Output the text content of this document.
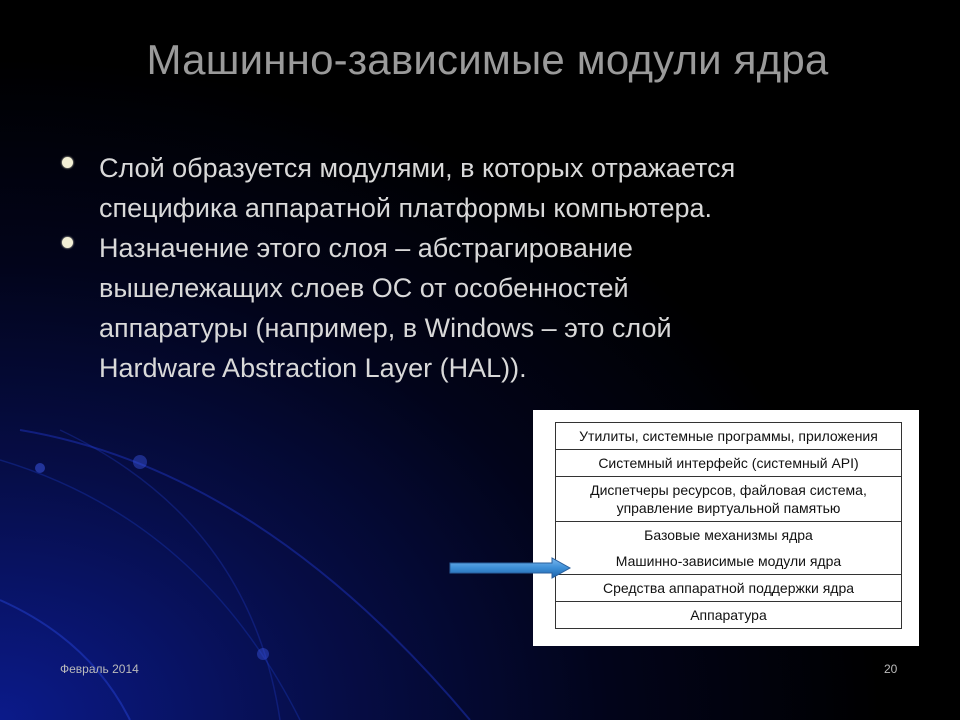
Машинно-зависимые модули ядра
Слой образуется модулями, в которых отражается
специфика аппаратной платформы компьютера.
Назначение этого слоя – абстрагирование
вышележащих слоев ОС от особенностей
аппаратуры (например, в Windows – это слой
Hardware Abstraction Layer (HAL)).
Утилиты, системные программы, приложения
Системный интерфейс (системный API)
Диспетчеры ресурсов, файловая система,
управление виртуальной памятью
Базовые механизмы ядра
Машинно-зависимые модули ядра
Средства аппаратной поддержки ядра
Аппаратура
Февраль 2014	20
